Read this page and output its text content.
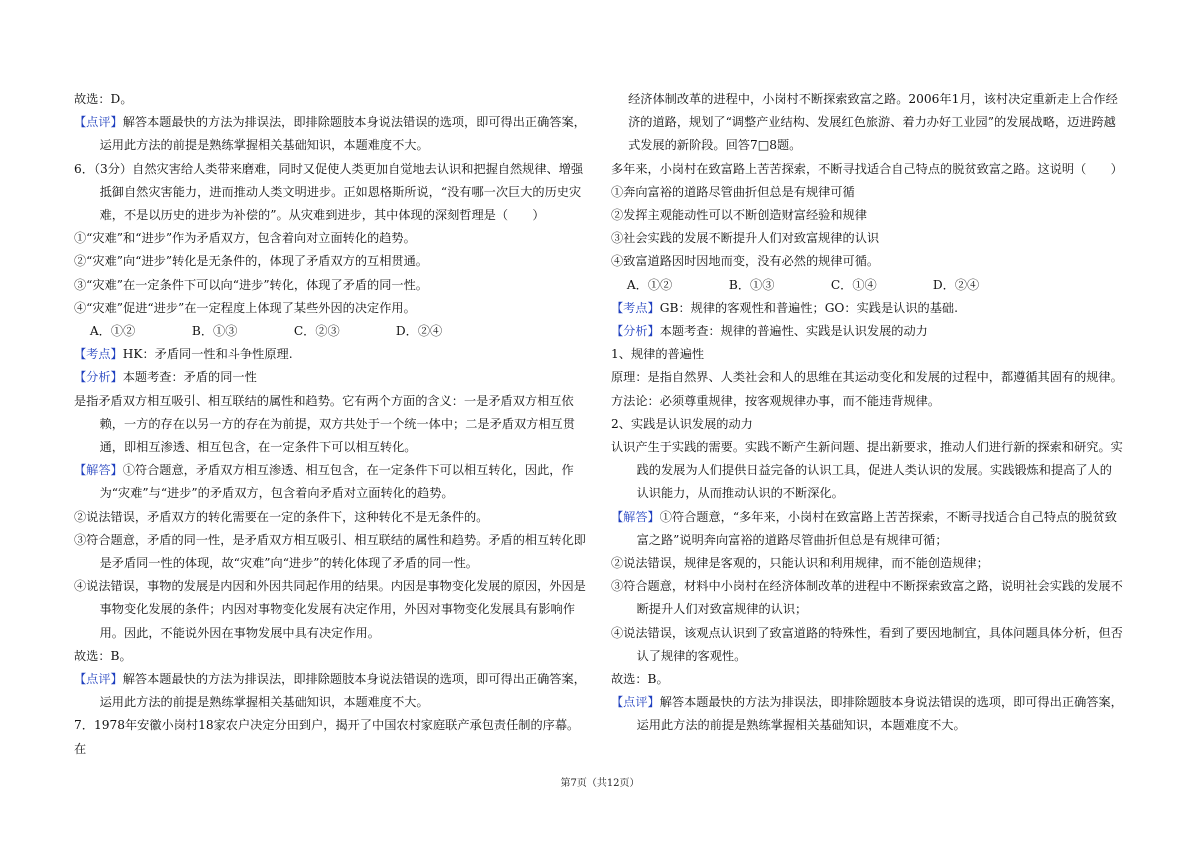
故选：D。

【点评】解答本题最快的方法为排误法，即排除题肢本身说法错误的选项，即可得出正确答案，运用此方法的前提是熟练掌握相关基础知识，本题难度不大。

6．（3分）自然灾害给人类带来磨难，同时又促使人类更加自觉地去认识和把握自然规律、增强抵御自然灾害能力，进而推动人类文明进步。正如恩格斯所说，“没有哪一次巨大的历史灾难，不是以历史的进步为补偿的”。从灾难到进步，其中体现的深刻哲理是（　　）

①“灾难”和“进步”作为矛盾双方，包含着向对立面转化的趋势。

②“灾难”向“进步”转化是无条件的，体现了矛盾双方的互相贯通。

③“灾难”在一定条件下可以向“进步”转化，体现了矛盾的同一性。

④“灾难”促进“进步”在一定程度上体现了某些外因的决定作用。

A．①②	B．①③	C．②③	D．②④

【考点】HK：矛盾同一性和斗争性原理.

【分析】本题考查：矛盾的同一性

是指矛盾双方相互吸引、相互联结的属性和趋势。它有两个方面的含义：一是矛盾双方相互依赖，一方的存在以另一方的存在为前提，双方共处于一个统一体中；二是矛盾双方相互贯通，即相互渗透、相互包含，在一定条件下可以相互转化。

【解答】①符合题意，矛盾双方相互渗透、相互包含，在一定条件下可以相互转化，因此，作为“灾难”与“进步”的矛盾双方，包含着向矛盾对立面转化的趋势。

②说法错误，矛盾双方的转化需要在一定的条件下，这种转化不是无条件的。

③符合题意，矛盾的同一性，是矛盾双方相互吸引、相互联结的属性和趋势。矛盾的相互转化即是矛盾同一性的体现，故“灾难”向“进步”的转化体现了矛盾的同一性。

④说法错误，事物的发展是内因和外因共同起作用的结果。内因是事物变化发展的原因，外因是事物变化发展的条件；内因对事物变化发展有决定作用，外因对事物变化发展具有影响作用。因此，不能说外因在事物发展中具有决定作用。

故选：B。

【点评】解答本题最快的方法为排误法，即排除题肢本身说法错误的选项，即可得出正确答案，运用此方法的前提是熟练掌握相关基础知识，本题难度不大。

7．1978年安徽小岗村18家农户决定分田到户，揭开了中国农村家庭联产承包责任制的序幕。在

经济体制改革的进程中，小岗村不断探索致富之路。2006年1月，该村决定重新走上合作经济的道路，规划了“调整产业结构、发展红色旅游、着力办好工业园”的发展战略，迈进跨越式发展的新阶段。回答7□8题。

多年来，小岗村在致富路上苦苦探索，不断寻找适合自己特点的脱贫致富之路。这说明（　　）

①奔向富裕的道路尽管曲折但总是有规律可循

②发挥主观能动性可以不断创造财富经验和规律

③社会实践的发展不断提升人们对致富规律的认识

④致富道路因时因地而变，没有必然的规律可循。

A．①②	B．①③	C．①④	D．②④

【考点】GB：规律的客观性和普遍性；GO：实践是认识的基础.

【分析】本题考查：规律的普遍性、实践是认识发展的动力

1、规律的普遍性

原理：是指自然界、人类社会和人的思维在其运动变化和发展的过程中，都遵循其固有的规律。

方法论：必须尊重规律，按客观规律办事，而不能违背规律。

2、实践是认识发展的动力

认识产生于实践的需要。实践不断产生新问题、提出新要求，推动人们进行新的探索和研究。实践的发展为人们提供日益完备的认识工具，促进人类认识的发展。实践锻炼和提高了人的认识能力，从而推动认识的不断深化。

【解答】①符合题意，“多年来，小岗村在致富路上苦苦探索，不断寻找适合自己特点的脱贫致富之路”说明奔向富裕的道路尽管曲折但总是有规律可循；

②说法错误，规律是客观的，只能认识和利用规律，而不能创造规律；

③符合题意，材料中小岗村在经济体制改革的进程中不断探索致富之路，说明社会实践的发展不断提升人们对致富规律的认识；

④说法错误，该观点认识到了致富道路的特殊性，看到了要因地制宜，具体问题具体分析，但否认了规律的客观性。

故选：B。

【点评】解答本题最快的方法为排误法，即排除题肢本身说法错误的选项，即可得出正确答案，运用此方法的前提是熟练掌握相关基础知识，本题难度不大。

第7页（共12页）
